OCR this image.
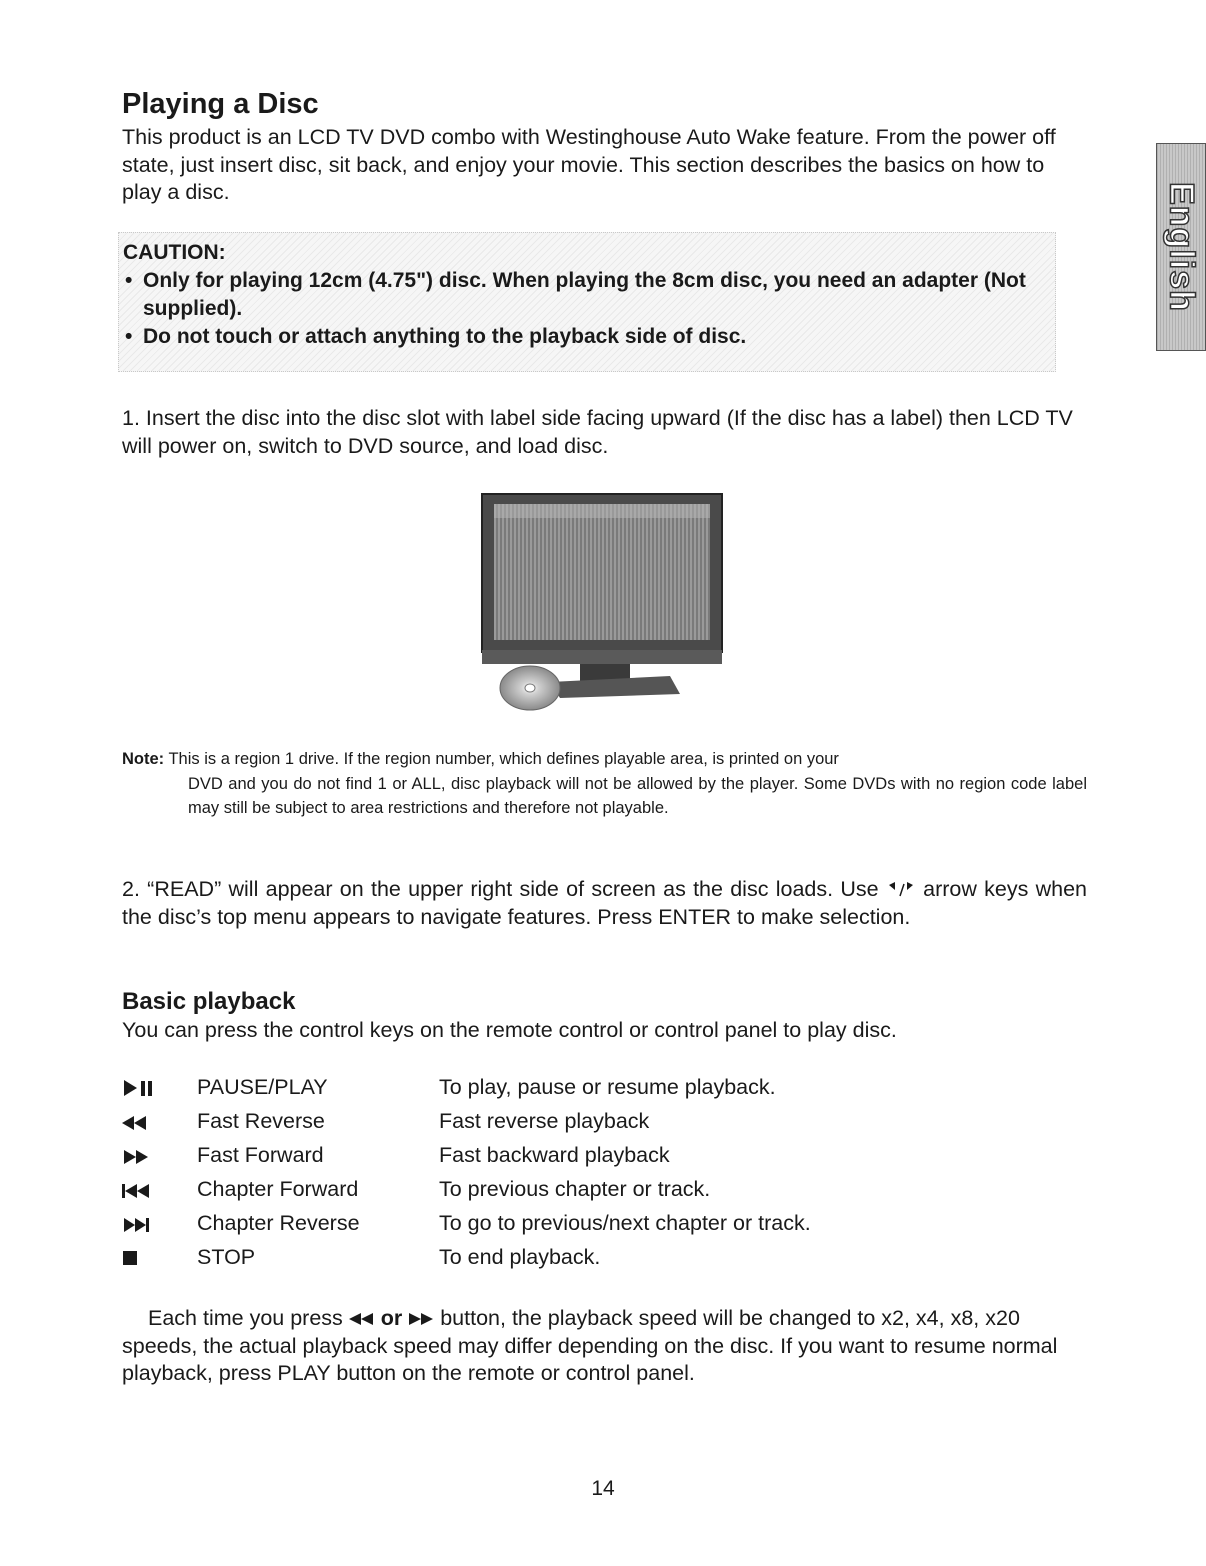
Playing a Disc

This product is an LCD TV DVD combo with Westinghouse Auto Wake feature. From the power off state, just insert disc, sit back, and enjoy your movie. This section describes the basics on how to play a disc.

CAUTION:

• Only for playing 12cm (4.75") disc. When playing the 8cm disc, you need an adapter (Not supplied).
• Do not touch or attach anything to the playback side of disc.

1. Insert the disc into the disc slot with label side facing upward (If the disc has a label) then LCD TV will power on, switch to DVD source, and load disc.

Note: This is a region 1 drive. If the region number, which defines playable area, is printed on your
DVD and you do not find 1 or ALL, disc playback will not be allowed by the player. Some DVDs with no region code label may still be subject to area restrictions and therefore not playable.

2. “READ” will appear on the upper right side of screen as the disc loads. Use arrow keys when the disc’s top menu appears to navigate features. Press ENTER to make selection.

Basic playback

You can press the control keys on the remote control or control panel to play disc.

PAUSE/PLAY	To play, pause or resume playback.
Fast Reverse	Fast reverse playback
Fast Forward	Fast backward playback
Chapter Forward	To previous chapter or track.
Chapter Reverse	To go to previous/next chapter or track.
STOP	To end playback.

Each time you press or button, the playback speed will be changed to x2, x4, x8, x20 speeds, the actual playback speed may differ depending on the disc. If you want to resume normal playback, press PLAY button on the remote or control panel.

14
English
